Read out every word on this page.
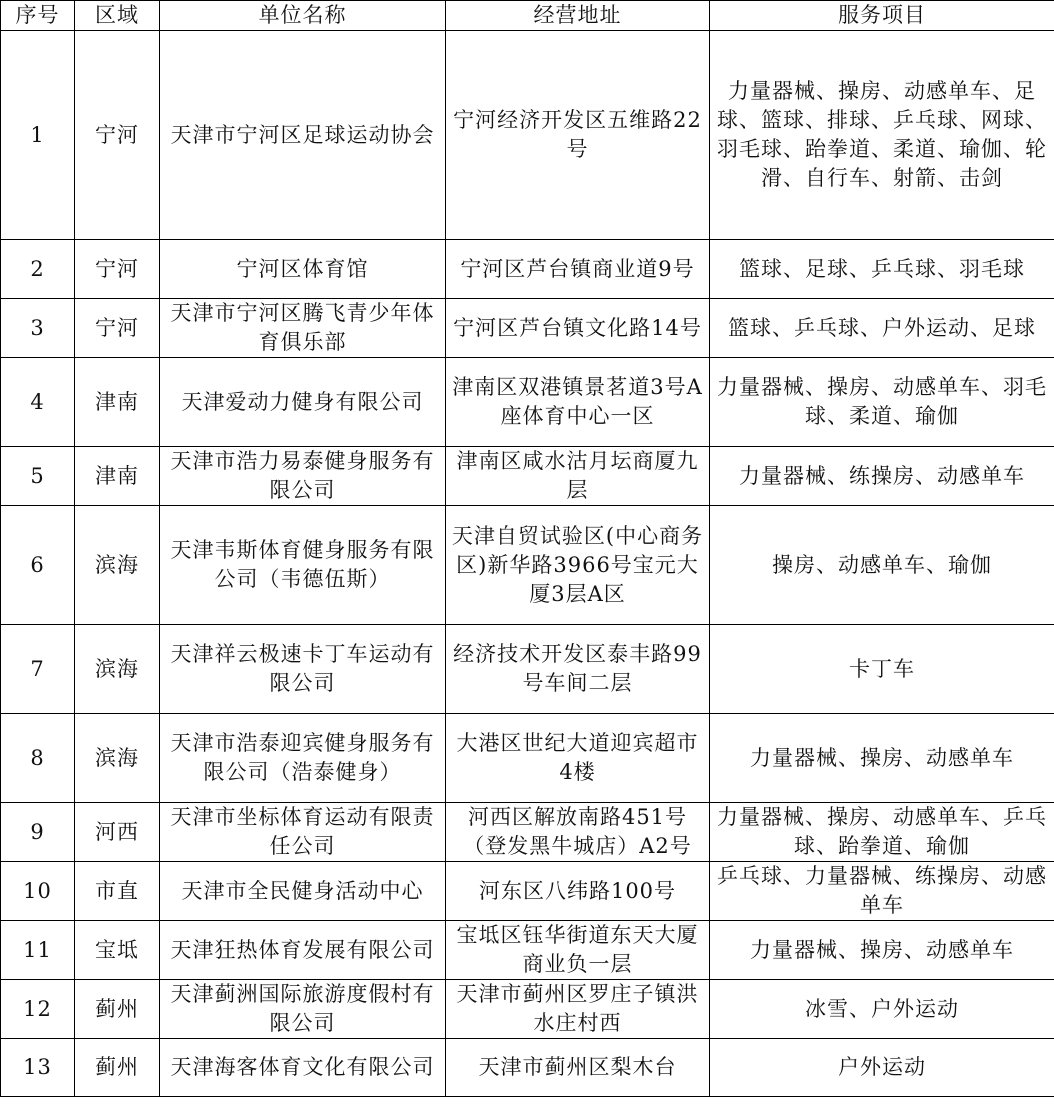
序号	区域	单位名称	经营地址	服务项目
1	宁河	天津市宁河区足球运动协会	宁河经济开发区五维路22号	力量器械、操房、动感单车、足球、篮球、排球、乒乓球、网球、羽毛球、跆拳道、柔道、瑜伽、轮滑、自行车、射箭、击剑
2	宁河	宁河区体育馆	宁河区芦台镇商业道9号	篮球、足球、乒乓球、羽毛球
3	宁河	天津市宁河区腾飞青少年体育俱乐部	宁河区芦台镇文化路14号	篮球、乒乓球、户外运动、足球
4	津南	天津爱动力健身有限公司	津南区双港镇景茗道3号A座体育中心一区	力量器械、操房、动感单车、羽毛球、柔道、瑜伽
5	津南	天津市浩力易泰健身服务有限公司	津南区咸水沽月坛商厦九层	力量器械、练操房、动感单车
6	滨海	天津韦斯体育健身服务有限公司（韦德伍斯）	天津自贸试验区(中心商务区)新华路3966号宝元大厦3层A区	操房、动感单车、瑜伽
7	滨海	天津祥云极速卡丁车运动有限公司	经济技术开发区泰丰路99号车间二层	卡丁车
8	滨海	天津市浩泰迎宾健身服务有限公司（浩泰健身）	大港区世纪大道迎宾超市4楼	力量器械、操房、动感单车
9	河西	天津市坐标体育运动有限责任公司	河西区解放南路451号（登发黑牛城店）A2号	力量器械、操房、动感单车、乒乓球、跆拳道、瑜伽
10	市直	天津市全民健身活动中心	河东区八纬路100号	乒乓球、力量器械、练操房、动感单车
11	宝坻	天津狂热体育发展有限公司	宝坻区钰华街道东天大厦商业负一层	力量器械、操房、动感单车
12	蓟州	天津蓟洲国际旅游度假村有限公司	天津市蓟州区罗庄子镇洪水庄村西	冰雪、户外运动
13	蓟州	天津海客体育文化有限公司	天津市蓟州区梨木台	户外运动
